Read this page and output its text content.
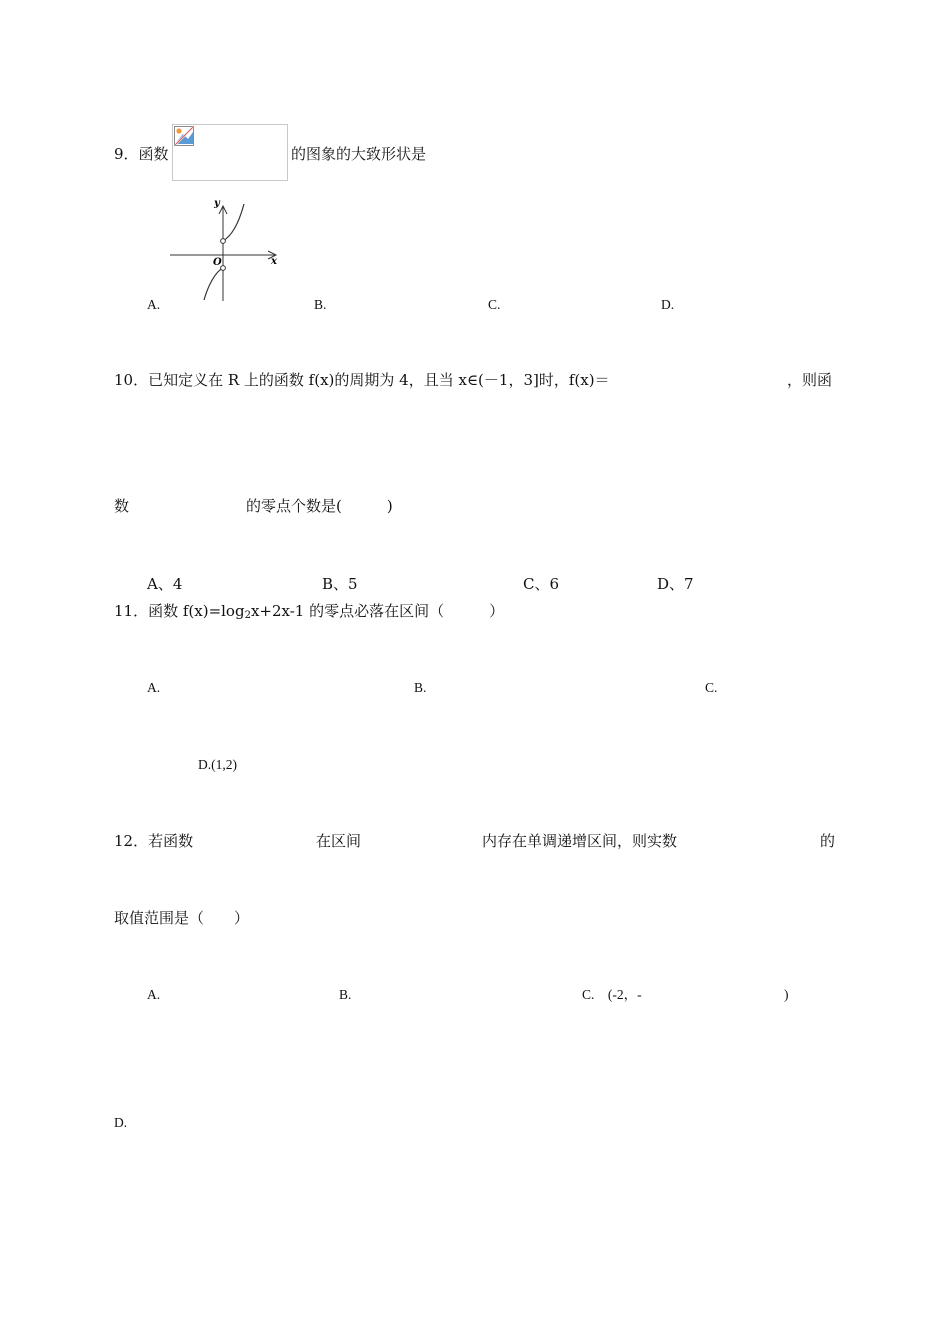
9．函数	的图象的大致形状是
y
x
O
A.	B.	C.	D.
10．已知定义在 R 上的函数 f(x)的周期为 4，且当 x∈(－1，3]时，f(x)＝	，则函
数	的零点个数是(　　　)
A、4	B、5	C、6	D、7
11．函数 $f(x)=\log_2x+2x-1$ 的零点必落在区间（　　　）
A.	B.	C.
D.(1,2)
12．若函数	在区间	内存在单调递增区间，则实数	的
取值范围是（　　）
A.	B.	C.　(-2，-	)
D.
